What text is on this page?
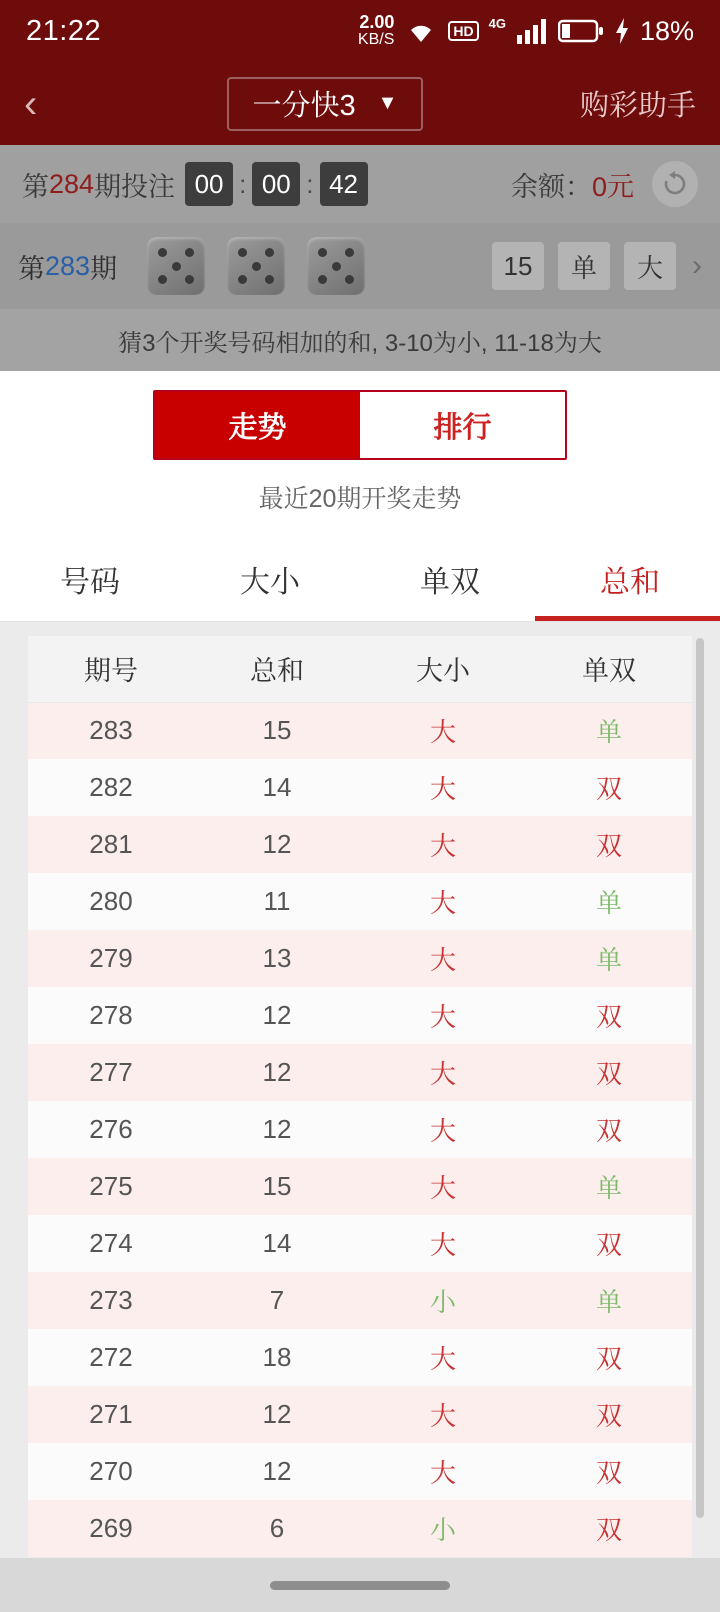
21:22	2.00
KB/S
HD	4G	18%
‹	一分快3 ▼	购彩助手
第 284 期投注 00 : 00 : 42	余额： 0元
第 283 期	15	单	大 ›
猜3个开奖号码相加的和, 3-10为小, 11-18为大
走势	排行
最近20期开奖走势
号码	大小	单双	总和
期号	总和	大小	单双
283	15	大	单
282	14	大	双
281	12	大	双
280	11	大	单
279	13	大	单
278	12	大	双
277	12	大	双
276	12	大	双
275	15	大	单
274	14	大	双
273	7	小	单
272	18	大	双
271	12	大	双
270	12	大	双
269	6	小	双
